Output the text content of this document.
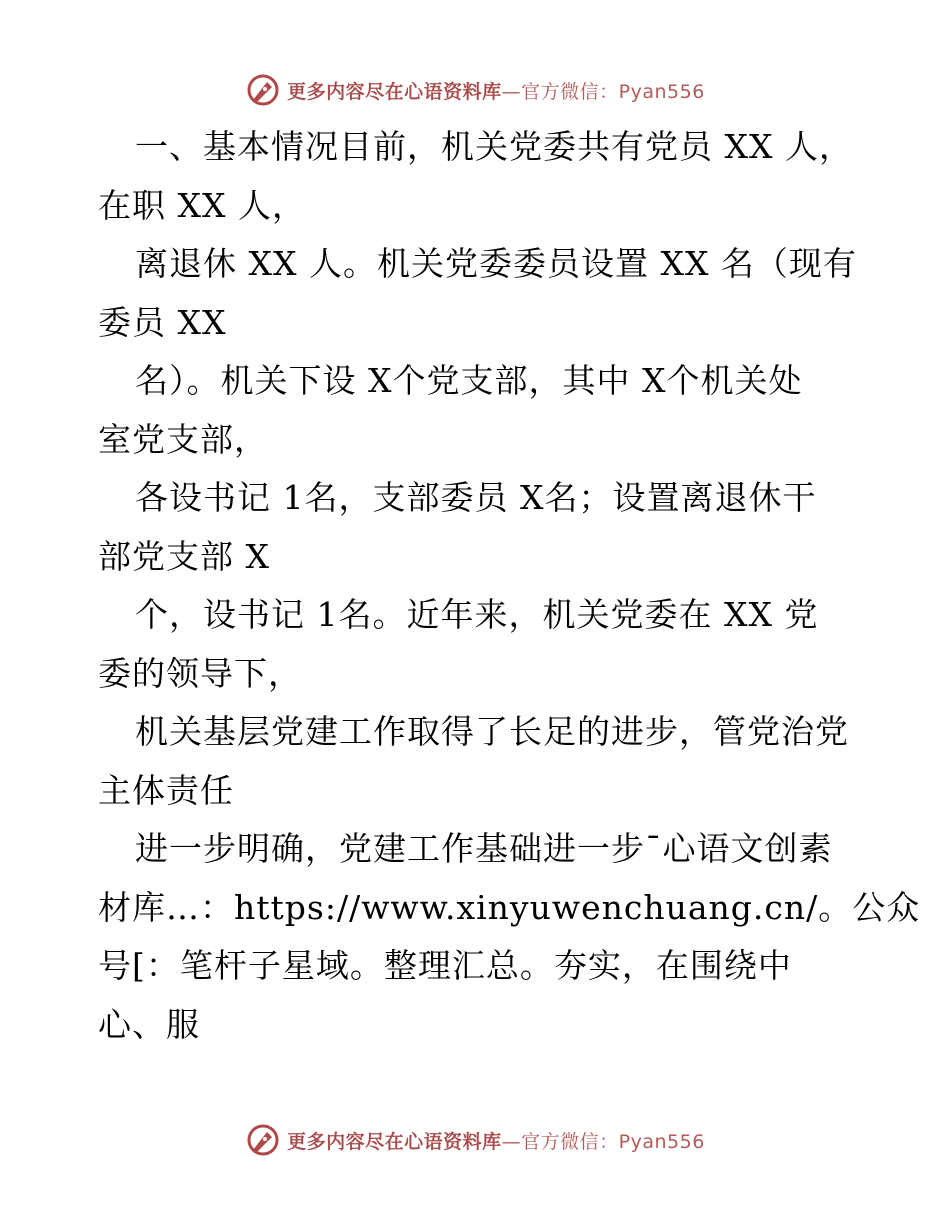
更多内容尽在心语资料库—官方微信：Pyan556
一、基本情况目前，机关党委共有党员 XX 人，
在职 XX 人，
离退休 XX 人。机关党委委员设置 XX 名（现有
委员 XX
名）。机关下设 X个党支部，其中 X个机关处
室党支部，
各设书记 1名，支部委员 X名；设置离退休干
部党支部 X
个，设书记 1名。近年来，机关党委在 XX 党
委的领导下，
机关基层党建工作取得了长足的进步，管党治党
主体责任
进一步明确，党建工作基础进一步¯心语文创素
材库…：https://www.xinyuwenchuang.cn/。公众
号[：笔杆子星域。整理汇总。夯实，在围绕中
心、服
更多内容尽在心语资料库—官方微信：Pyan556
